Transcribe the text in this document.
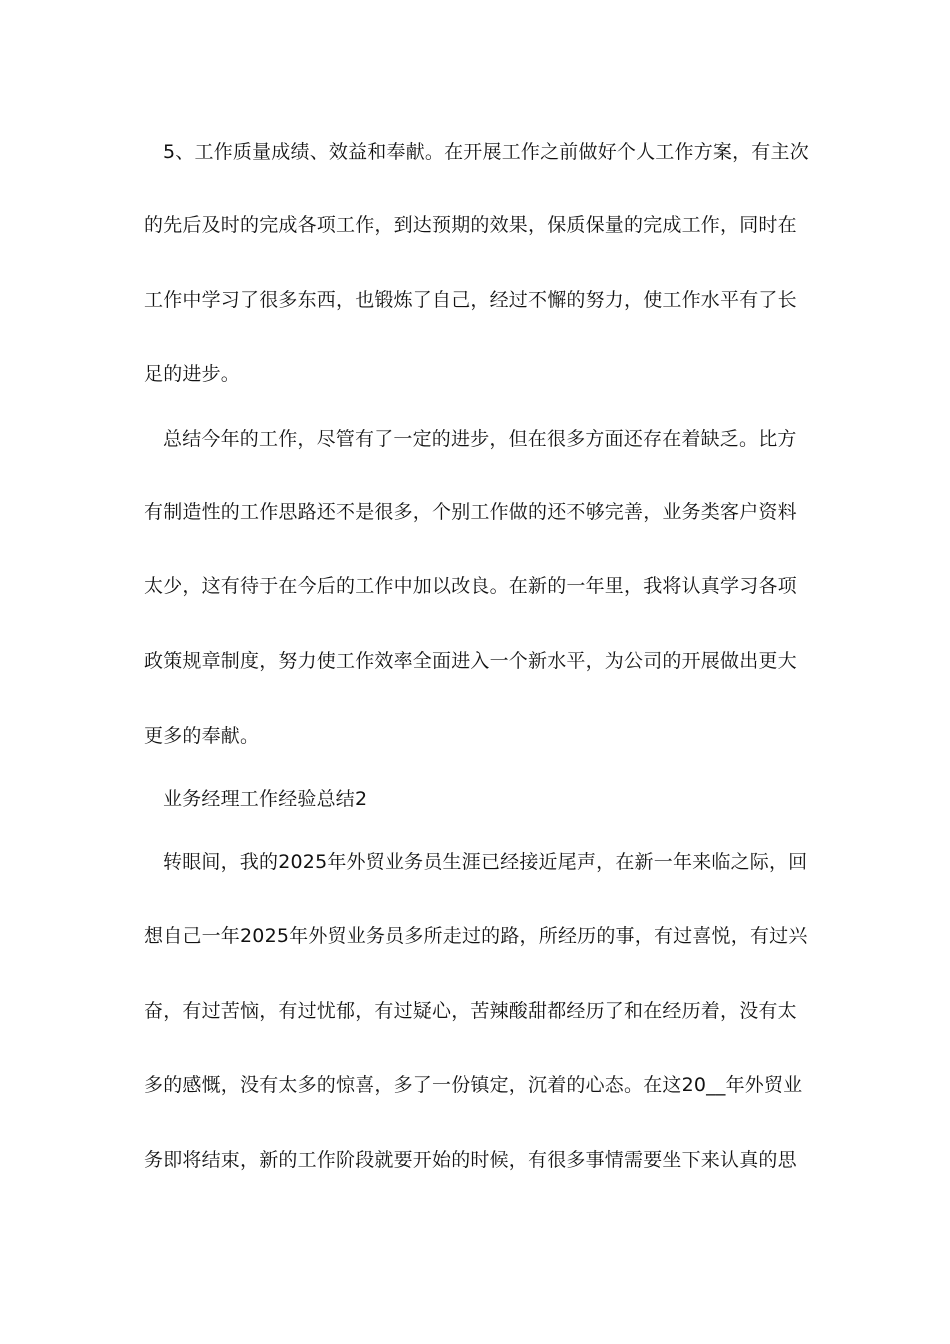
5、工作质量成绩、效益和奉献。在开展工作之前做好个人工作方案，有主次
的先后及时的完成各项工作，到达预期的效果，保质保量的完成工作，同时在
工作中学习了很多东西，也锻炼了自己，经过不懈的努力，使工作水平有了长
足的进步。
总结今年的工作，尽管有了一定的进步，但在很多方面还存在着缺乏。比方
有制造性的工作思路还不是很多，个别工作做的还不够完善，业务类客户资料
太少，这有待于在今后的工作中加以改良。在新的一年里，我将认真学习各项
政策规章制度，努力使工作效率全面进入一个新水平，为公司的开展做出更大
更多的奉献。
业务经理工作经验总结2
转眼间，我的2025年外贸业务员生涯已经接近尾声，在新一年来临之际，回
想自己一年2025年外贸业务员多所走过的路，所经历的事，有过喜悦，有过兴
奋，有过苦恼，有过忧郁，有过疑心，苦辣酸甜都经历了和在经历着，没有太
多的感慨，没有太多的惊喜，多了一份镇定，沉着的心态。在这20__年外贸业
务即将结束，新的工作阶段就要开始的时候，有很多事情需要坐下来认真的思
